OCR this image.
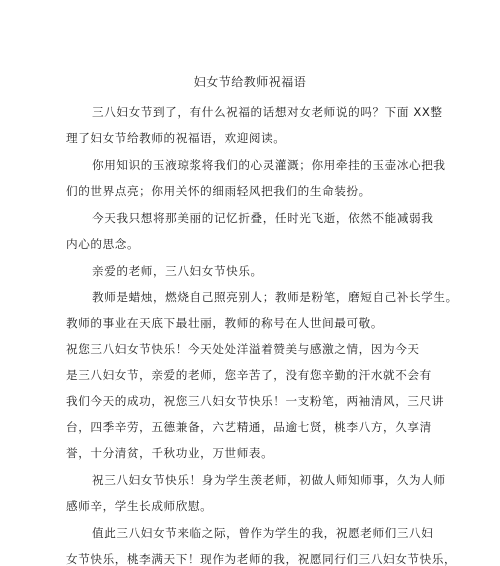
妇女节给教师祝福语
三八妇女节到了，有什么祝福的话想对女老师说的吗？下面 XX整
理了妇女节给教师的祝福语，欢迎阅读。
你用知识的玉液琼浆将我们的心灵灌溉；你用牵挂的玉壶冰心把我
们的世界点亮；你用关怀的细雨轻风把我们的生命装扮。
今天我只想将那美丽的记忆折叠，任时光飞逝，依然不能减弱我
内心的思念。
亲爱的老师，三八妇女节快乐。
教师是蜡烛，燃烧自己照亮别人；教师是粉笔，磨短自己补长学生。
教师的事业在天底下最壮丽，教师的称号在人世间最可敬。
祝您三八妇女节快乐！今天处处洋溢着赞美与感激之情，因为今天
是三八妇女节，亲爱的老师，您辛苦了，没有您辛勤的汗水就不会有
我们今天的成功，祝您三八妇女节快乐！一支粉笔，两袖清风，三尺讲
台，四季辛劳，五德兼备，六艺精通，品逾七贤，桃李八方，久享清
誉，十分清贫，千秋功业，万世师表。
祝三八妇女节快乐！身为学生羡老师，初做人师知师事，久为人师
感师辛，学生长成师欣慰。
值此三八妇女节来临之际，曾作为学生的我，祝愿老师们三八妇
女节快乐，桃李满天下！现作为老师的我，祝愿同行们三八妇女节快乐，
